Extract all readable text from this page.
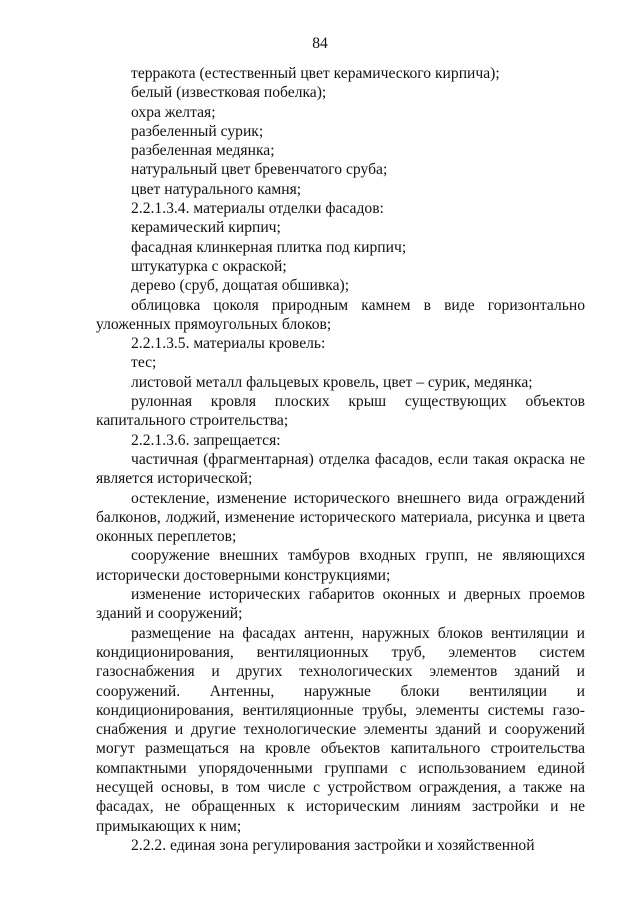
84

терракота (естественный цвет керамического кирпича);

белый (известковая побелка);

охра желтая;

разбеленный сурик;

разбеленная медянка;

натуральный цвет бревенчатого сруба;

цвет натурального камня;

2.2.1.3.4. материалы отделки фасадов:

керамический кирпич;

фасадная клинкерная плитка под кирпич;

штукатурка с окраской;

дерево (сруб, дощатая обшивка);

облицовка цоколя природным камнем в виде горизонтально уложенных прямоугольных блоков;

2.2.1.3.5. материалы кровель:

тес;

листовой металл фальцевых кровель, цвет – сурик, медянка;

рулонная кровля плоских крыш существующих объектов капитального строительства;

2.2.1.3.6. запрещается:

частичная (фрагментарная) отделка фасадов, если такая окраска не является исторической;

остекление, изменение исторического внешнего вида ограждений балконов, лоджий, изменение исторического материала, рисунка и цвета оконных переплетов;

сооружение внешних тамбуров входных групп, не являющихся исторически достоверными конструкциями;

изменение исторических габаритов оконных и дверных проемов зданий и сооружений;

размещение на фасадах антенн, наружных блоков вентиляции и кондиционирования, вентиляционных труб, элементов систем газоснабжения и других технологических элементов зданий и сооружений. Антенны, наружные блоки вентиляции и кондиционирования, вентиляционные трубы, элементы системы газо-снабжения и другие технологические элементы зданий и сооружений могут размещаться на кровле объектов капитального строительства компактными упорядоченными группами с использованием единой несущей основы, в том числе с устройством ограждения, а также на фасадах, не обращенных к историческим линиям застройки и не примыкающих к ним;

2.2.2. единая зона регулирования застройки и хозяйственной
